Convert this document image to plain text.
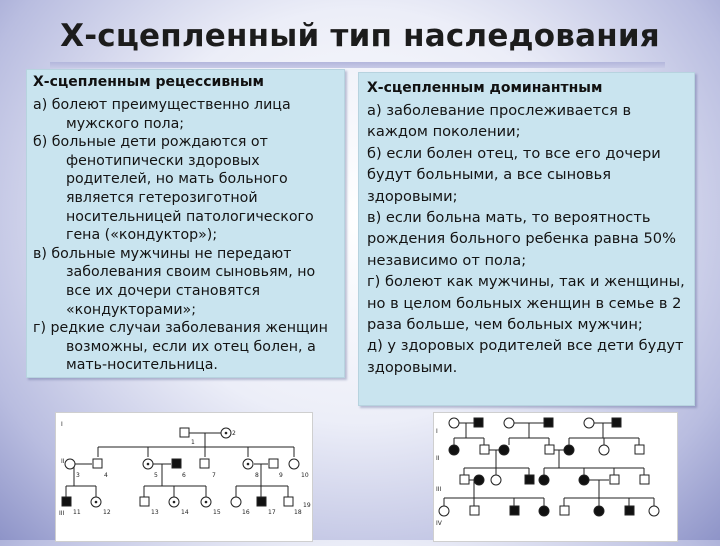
Х-сцепленный тип наследования
Х-сцепленным рецессивным

а) болеют преимущественно лица мужского пола;

б) больные дети рождаются от фенотипически здоровых родителей, но мать больного является гетерозиготной носительницей патологического гена («кондуктор»);

в) больные мужчины не передают заболевания своим сыновьям, но все их дочери становятся «кондукторами»;

г) редкие случаи заболевания женщин возможны, если их отец болен, а мать-носительница.

Х-сцепленным доминантным

а) заболевание прослеживается в каждом поколении;

б) если болен отец, то все его дочери будут больными, а все сыновья здоровыми;

в) если больна мать, то вероятность рождения больного ребенка равна 50% независимо от пола;

г) болеют как мужчины, так и женщины, но в целом больных женщин в семье в 2 раза больше, чем больных мужчин;

д) у здоровых родителей все дети будут здоровыми.

I
II
III
1
2
3	4	5	6	7	8	9	10
11	12	13	14	15	16	17	18
19
I
II
III
IV
